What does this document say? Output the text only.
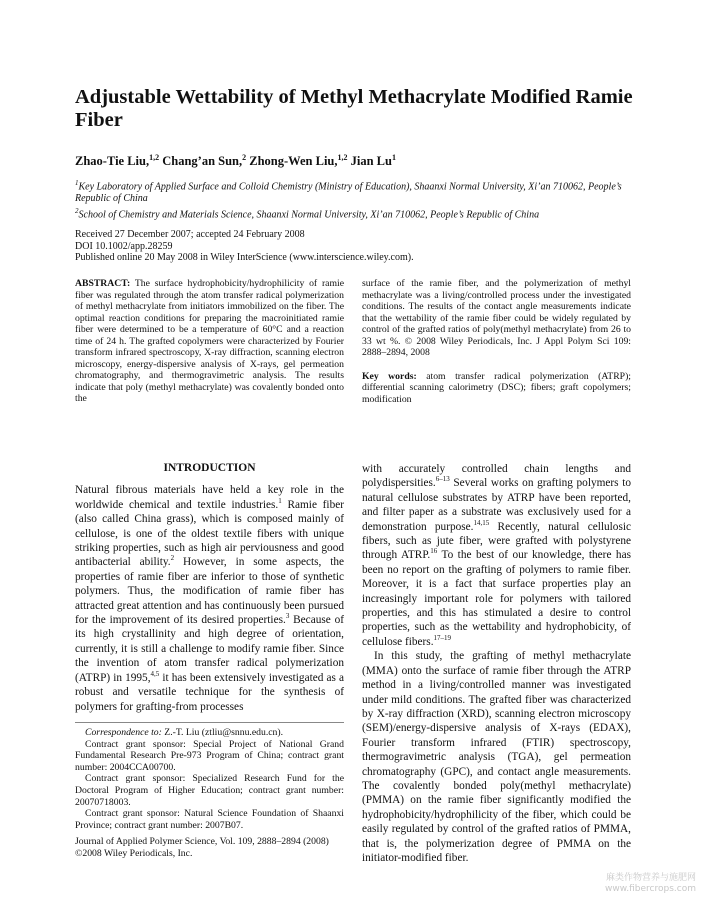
Adjustable Wettability of Methyl Methacrylate Modified Ramie Fiber
Zhao-Tie Liu,$^{1,2}$ Chang’an Sun,$^2$ Zhong-Wen Liu,$^{1,2}$ Jian Lu$^1$

$^1$Key Laboratory of Applied Surface and Colloid Chemistry (Ministry of Education), Shaanxi Normal University, Xi’an 710062, People’s Republic of China

$^2$School of Chemistry and Materials Science, Shaanxi Normal University, Xi’an 710062, People’s Republic of China

Received 27 December 2007; accepted 24 February 2008

DOI 10.1002/app.28259

Published online 20 May 2008 in Wiley InterScience (www.interscience.wiley.com).

ABSTRACT: The surface hydrophobicity/hydrophilicity of ramie fiber was regulated through the atom transfer radical polymerization of methyl methacrylate from initiators immobilized on the fiber. The optimal reaction conditions for preparing the macroinitiated ramie fiber were determined to be a temperature of 60°C and a reaction time of 24 h. The grafted copolymers were characterized by Fourier transform infrared spectroscopy, X-ray diffraction, scanning electron microscopy, energy-dispersive analysis of X-rays, gel permeation chromatography, and thermogravimetric analysis. The results indicate that poly (methyl methacrylate) was covalently bonded onto the

surface of the ramie fiber, and the polymerization of methyl methacrylate was a living/controlled process under the investigated conditions. The results of the contact angle measurements indicate that the wettability of the ramie fiber could be widely regulated by control of the grafted ratios of poly(methyl methacrylate) from 26 to 33 wt %. © 2008 Wiley Periodicals, Inc. J Appl Polym Sci 109: 2888–2894, 2008

Key words: atom transfer radical polymerization (ATRP); differential scanning calorimetry (DSC); fibers; graft copolymers; modification

INTRODUCTION

Natural fibrous materials have held a key role in the worldwide chemical and textile industries.$^1$ Ramie fiber (also called China grass), which is composed mainly of cellulose, is one of the oldest textile fibers with unique striking properties, such as high air perviousness and good antibacterial ability.$^2$ However, in some aspects, the properties of ramie fiber are inferior to those of synthetic polymers. Thus, the modification of ramie fiber has attracted great attention and has continuously been pursued for the improvement of its desired properties.$^3$ Because of its high crystallinity and high degree of orientation, currently, it is still a challenge to modify ramie fiber. Since the invention of atom transfer radical polymerization (ATRP) in 1995,$^{4,5}$ it has been extensively investigated as a robust and versatile technique for the synthesis of polymers for grafting-from processes

Correspondence to: Z.-T. Liu (ztliu@snnu.edu.cn).

Contract grant sponsor: Special Project of National Grand Fundamental Research Pre-973 Program of China; contract grant number: 2004CCA00700.

Contract grant sponsor: Specialized Research Fund for the Doctoral Program of Higher Education; contract grant number: 20070718003.

Contract grant sponsor: Natural Science Foundation of Shaanxi Province; contract grant number: 2007B07.

Journal of Applied Polymer Science, Vol. 109, 2888–2894 (2008)

©2008 Wiley Periodicals, Inc.

with accurately controlled chain lengths and polydispersities.$^{6-13}$ Several works on grafting polymers to natural cellulose substrates by ATRP have been reported, and filter paper as a substrate was exclusively used for a demonstration purpose.$^{14,15}$ Recently, natural cellulosic fibers, such as jute fiber, were grafted with polystyrene through ATRP.$^{16}$ To the best of our knowledge, there has been no report on the grafting of polymers to ramie fiber. Moreover, it is a fact that surface properties play an increasingly important role for polymers with tailored properties, and this has stimulated a desire to control properties, such as the wettability and hydrophobicity, of cellulose fibers.$^{17-19}$

In this study, the grafting of methyl methacrylate (MMA) onto the surface of ramie fiber through the ATRP method in a living/controlled manner was investigated under mild conditions. The grafted fiber was characterized by X-ray diffraction (XRD), scanning electron microscopy (SEM)/energy-dispersive analysis of X-rays (EDAX), Fourier transform infrared (FTIR) spectroscopy, thermogravimetric analysis (TGA), gel permeation chromatography (GPC), and contact angle measurements. The covalently bonded poly(methyl methacrylate) (PMMA) on the ramie fiber significantly modified the hydrophobicity/hydrophilicity of the fiber, which could be easily regulated by control of the grafted ratios of PMMA, that is, the polymerization degree of PMMA on the initiator-modified fiber.

麻类作物营养与施肥网
www.fibercrops.com
